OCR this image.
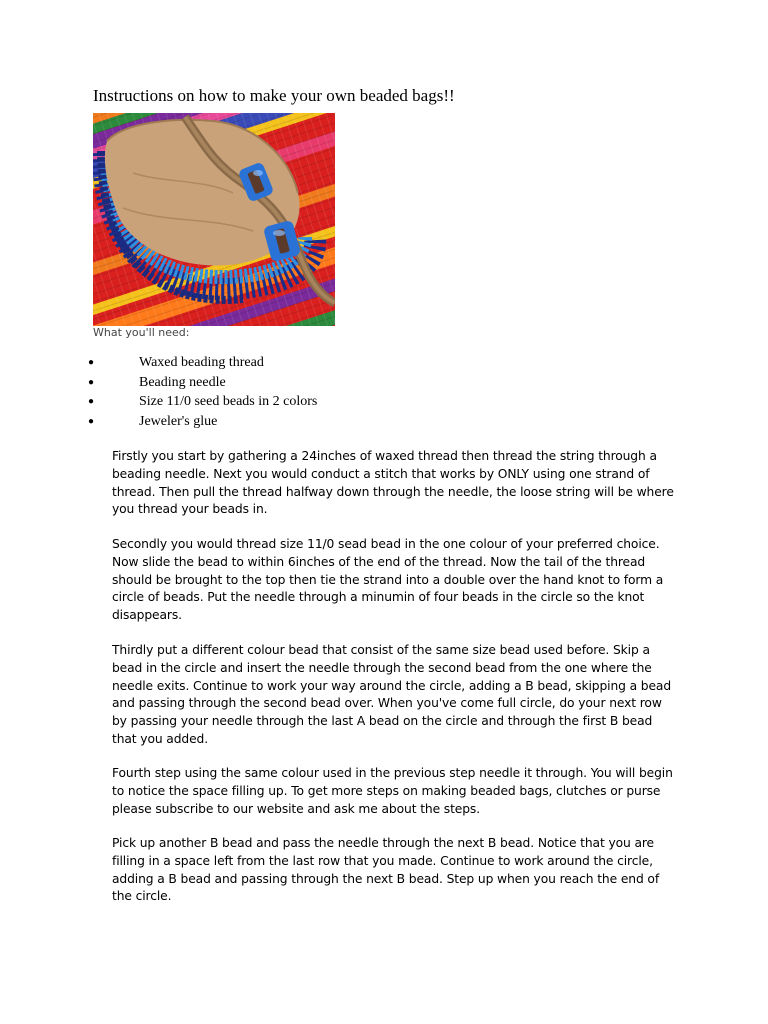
Instructions on how to make your own beaded bags!!
What you'll need:
●	Waxed beading thread
●	Beading needle
●	Size 11/0 seed beads in 2 colors
●	Jeweler's glue

Firstly you start by gathering a 24inches of waxed thread then thread the string through a beading needle. Next you would conduct a stitch that works by ONLY using one strand of thread. Then pull the thread halfway down through the needle, the loose string will be where you thread your beads in.

Secondly you would thread size 11/0 sead bead in the one colour of your preferred choice. Now slide the bead to within 6inches of the end of the thread. Now the tail of the thread should be brought to the top then tie the strand into a double over the hand knot to form a circle of beads. Put the needle through a minumin of four beads in the circle so the knot disappears.

Thirdly put a different colour bead that consist of the same size bead used before. Skip a bead in the circle and insert the needle through the second bead from the one where the needle exits. Continue to work your way around the circle, adding a B bead, skipping a bead and passing through the second bead over. When you've come full circle, do your next row by passing your needle through the last A bead on the circle and through the first B bead that you added.

Fourth step using the same colour used in the previous step needle it through. You will begin to notice the space filling up. To get more steps on making beaded bags, clutches or purse please subscribe to our website and ask me about the steps.

Pick up another B bead and pass the needle through the next B bead. Notice that you are filling in a space left from the last row that you made. Continue to work around the circle, adding a B bead and passing through the next B bead. Step up when you reach the end of the circle.
